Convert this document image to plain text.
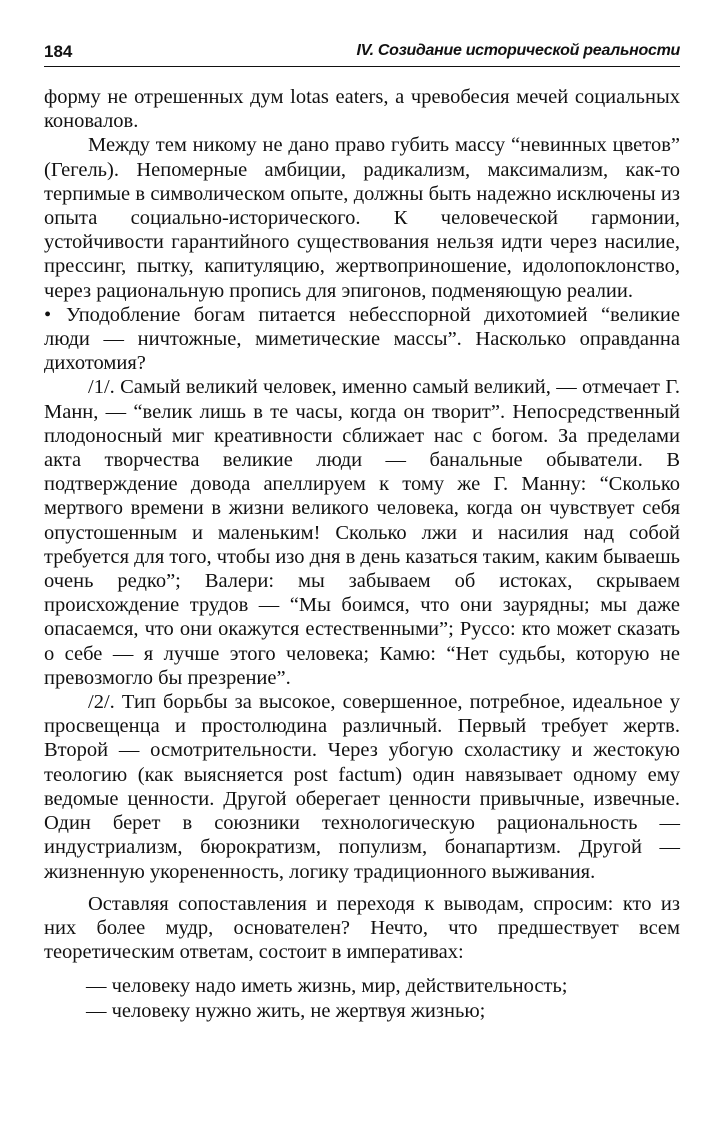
184	IV. Созидание исторической реальности

форму не отрешенных дум lotas eaters, а чревобесия мечей социальных коновалов.

Между тем никому не дано право губить массу “невинных цветов” (Гегель). Непомерные амбиции, радикализм, максимализм, как-то терпимые в символическом опыте, должны быть надежно исключены из опыта социально-исторического. К человеческой гармонии, устойчивости гарантийного существования нельзя идти через насилие, прессинг, пытку, капитуляцию, жертвоприношение, идолопоклонство, через рациональную пропись для эпигонов, подменяющую реалии.

• Уподобление богам питается небесспорной дихотомией “великие люди — ничтожные, миметические массы”. Насколько оправданна дихотомия?

/1/. Самый великий человек, именно самый великий, — отмечает Г. Манн, — “велик лишь в те часы, когда он творит”. Непосредственный плодоносный миг креативности сближает нас с богом. За пределами акта творчества великие люди — банальные обыватели. В подтверждение довода апеллируем к тому же Г. Манну: “Сколько мертвого времени в жизни великого человека, когда он чувствует себя опустошенным и маленьким! Сколько лжи и насилия над собой требуется для того, чтобы изо дня в день казаться таким, каким бываешь очень редко”; Валери: мы забываем об истоках, скрываем происхождение трудов — “Мы боимся, что они заурядны; мы даже опасаемся, что они окажутся естественными”; Руссо: кто может сказать о себе — я лучше этого человека; Камю: “Нет судьбы, которую не превозмогло бы презрение”.

/2/. Тип борьбы за высокое, совершенное, потребное, идеальное у просвещенца и простолюдина различный. Первый требует жертв. Второй — осмотрительности. Через убогую схоластику и жестокую теологию (как выясняется post factum) один навязывает одному ему ведомые ценности. Другой оберегает ценности привычные, извечные. Один берет в союзники технологическую рациональность — индустриализм, бюрократизм, популизм, бонапартизм. Другой — жизненную укорененность, логику традиционного выживания.

Оставляя сопоставления и переходя к выводам, спросим: кто из них более мудр, основателен? Нечто, что предшествует всем теоретическим ответам, состоит в императивах:

— человеку надо иметь жизнь, мир, действительность;

— человеку нужно жить, не жертвуя жизнью;
